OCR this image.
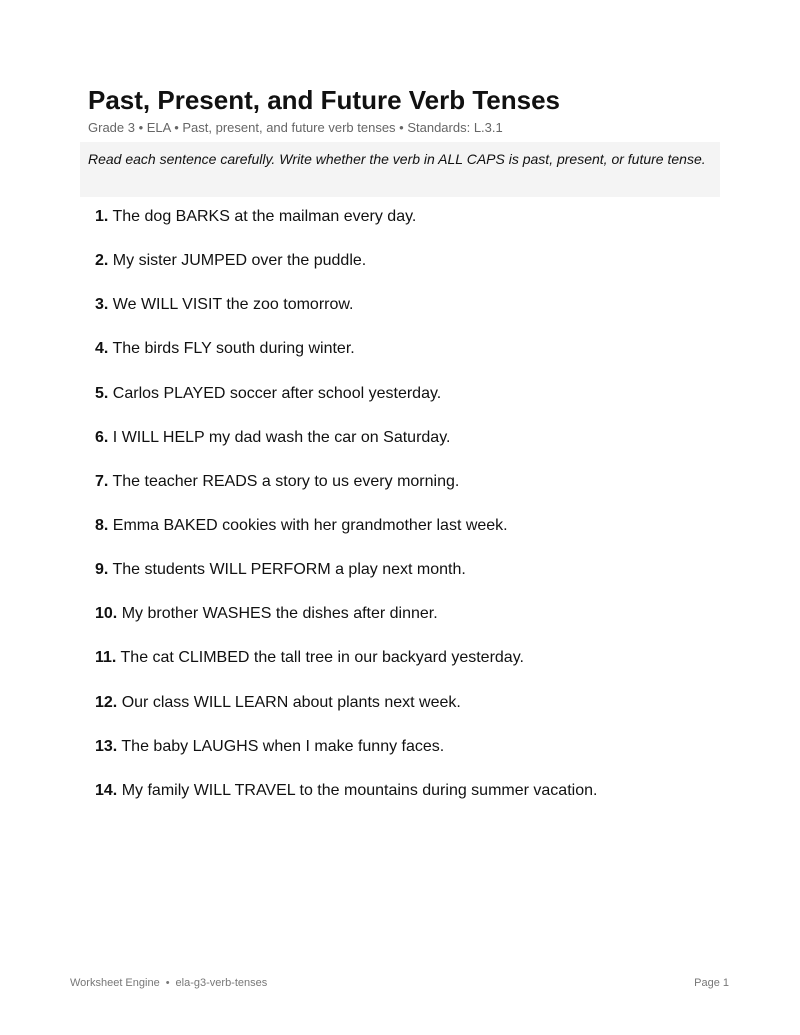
Past, Present, and Future Verb Tenses
Grade 3 • ELA • Past, present, and future verb tenses • Standards: L.3.1
Read each sentence carefully. Write whether the verb in ALL CAPS is past, present, or future tense.
1. The dog BARKS at the mailman every day.
2. My sister JUMPED over the puddle.
3. We WILL VISIT the zoo tomorrow.
4. The birds FLY south during winter.
5. Carlos PLAYED soccer after school yesterday.
6. I WILL HELP my dad wash the car on Saturday.
7. The teacher READS a story to us every morning.
8. Emma BAKED cookies with her grandmother last week.
9. The students WILL PERFORM a play next month.
10. My brother WASHES the dishes after dinner.
11. The cat CLIMBED the tall tree in our backyard yesterday.
12. Our class WILL LEARN about plants next week.
13. The baby LAUGHS when I make funny faces.
14. My family WILL TRAVEL to the mountains during summer vacation.
Worksheet Engine • ela-g3-verb-tenses	Page 1
